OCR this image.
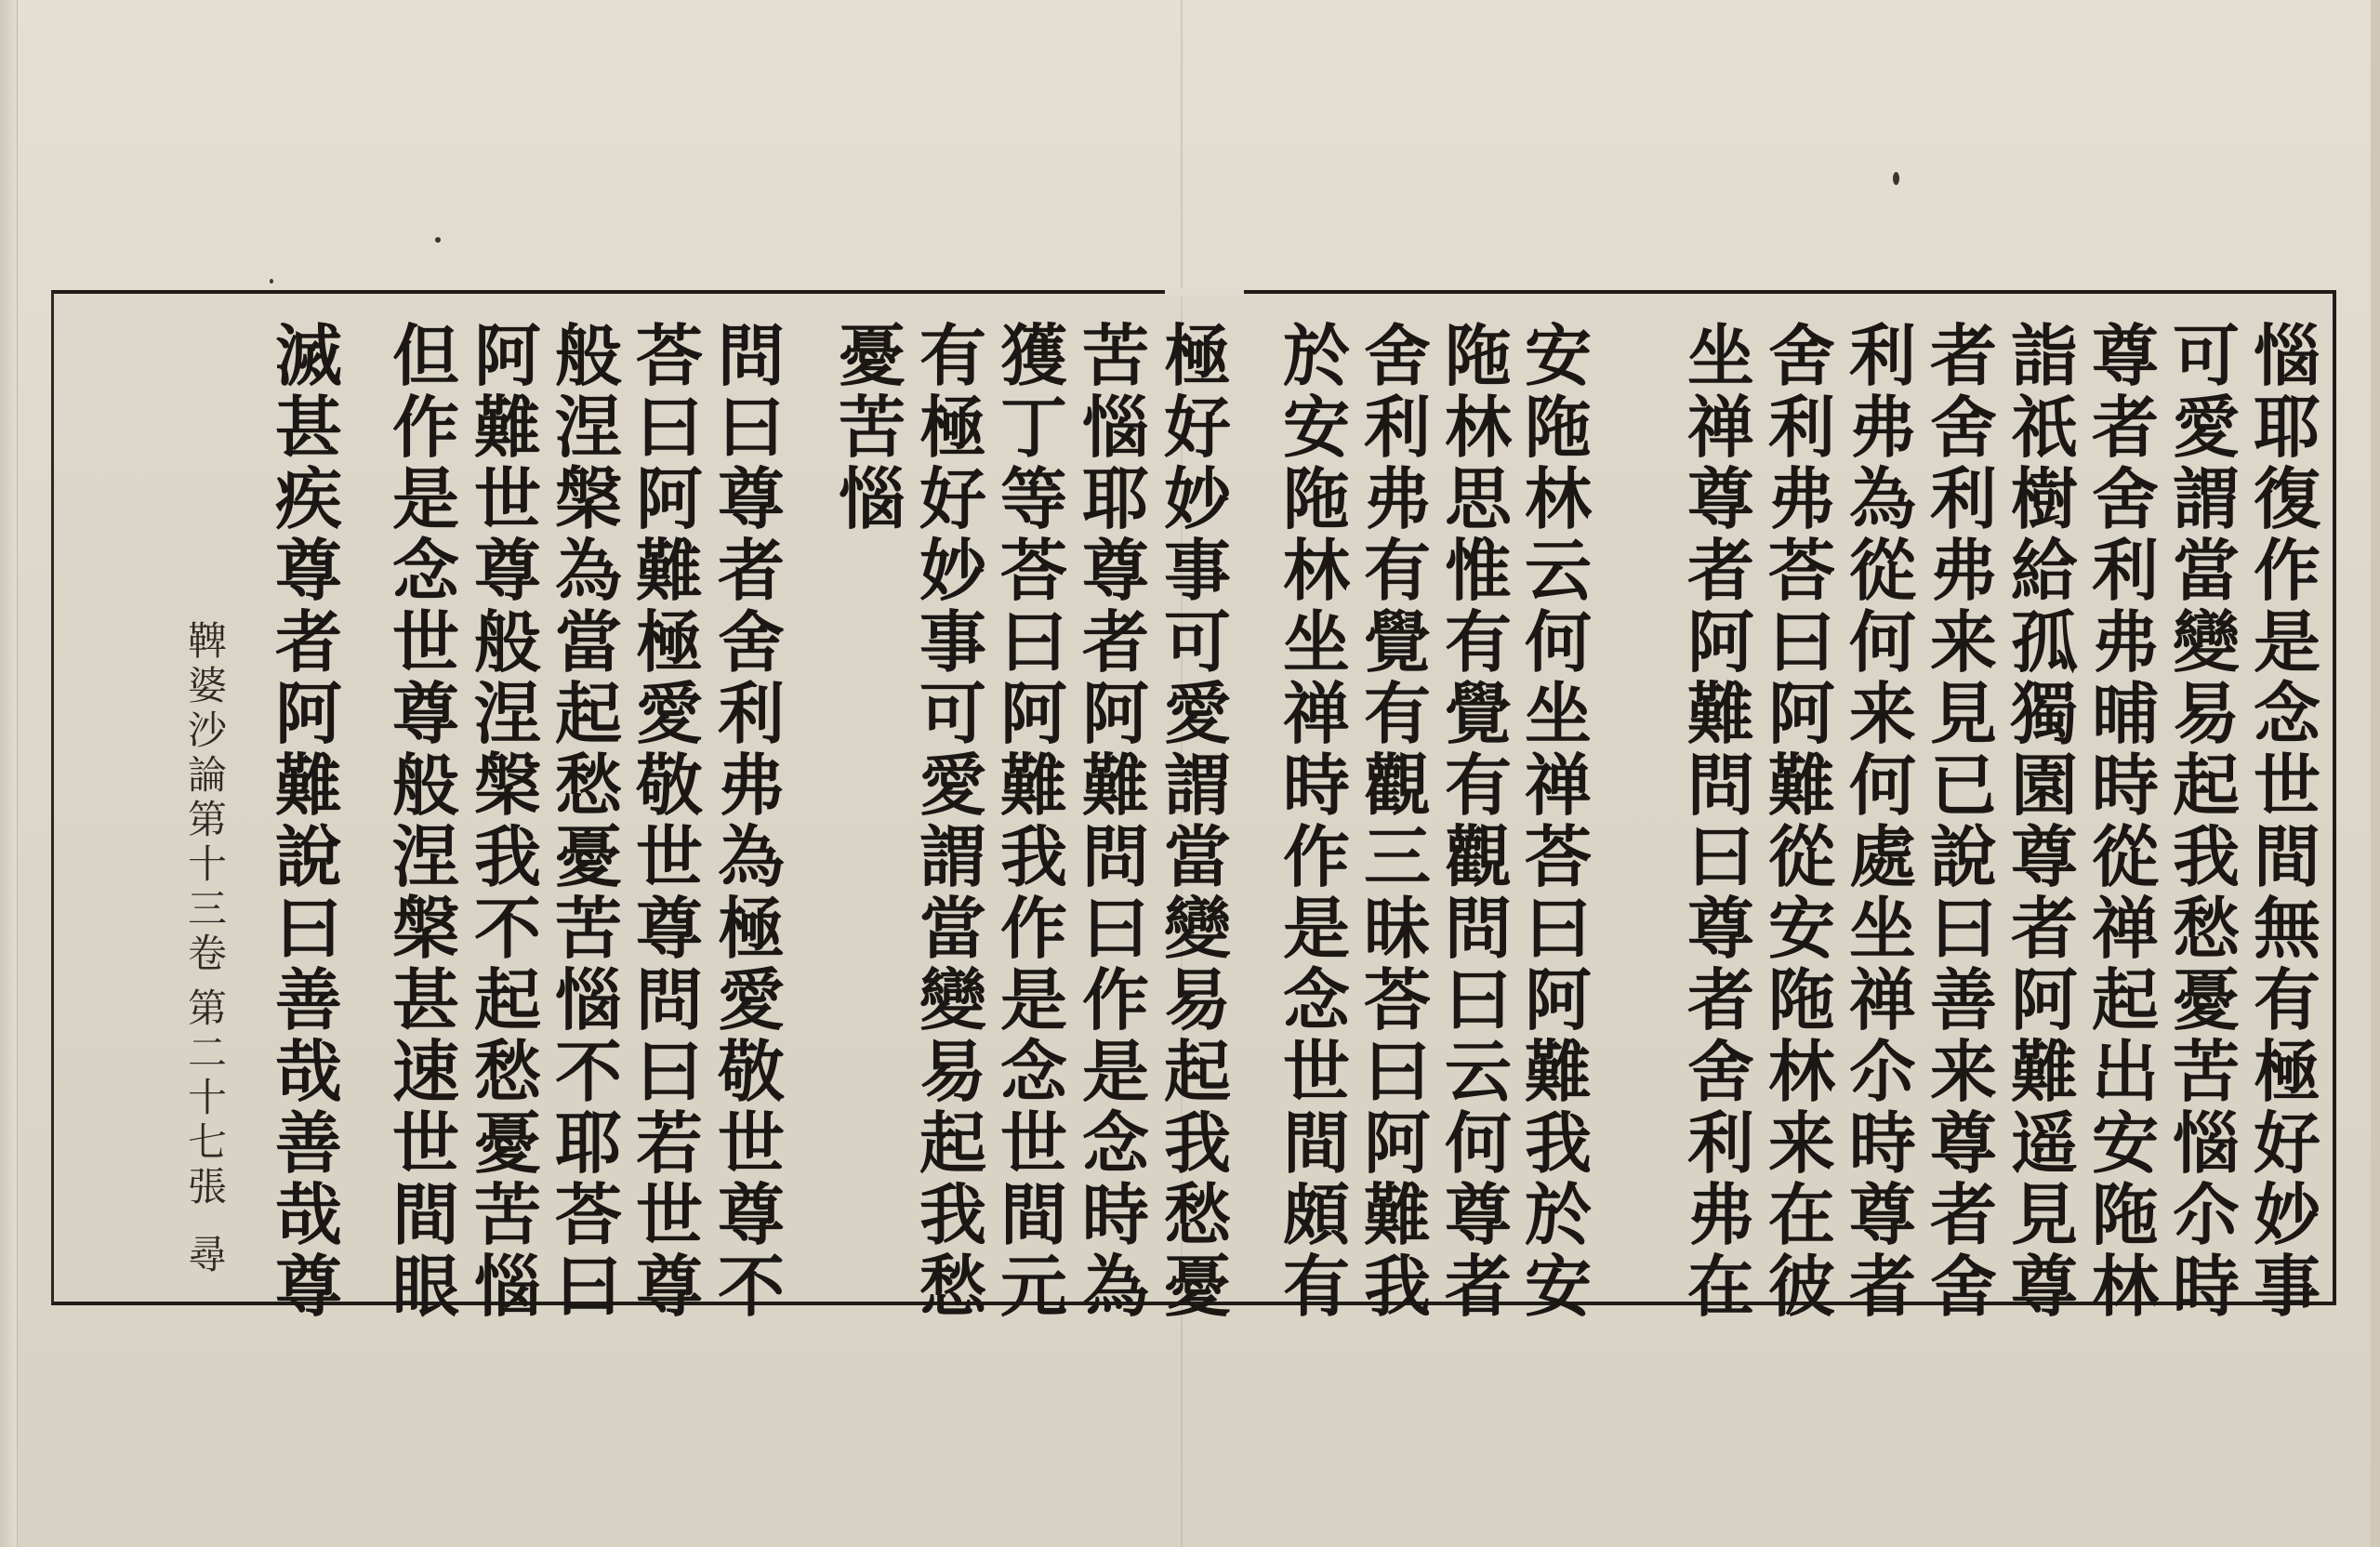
惱耶復作是念世間無有極好妙事
可愛謂當變易起我愁憂苦惱尒時
尊者舍利弗晡時從禅起出安陁林
詣祇樹給孤獨園尊者阿難遥見尊
者舍利弗来見已說曰善来尊者舍
利弗為從何来何處坐禅尒時尊者
舍利弗荅曰阿難從安陁林来在彼
坐禅尊者阿難問曰尊者舍利弗在
安陁林云何坐禅荅曰阿難我於安
陁林思惟有覺有觀問曰云何尊者
舍利弗有覺有觀三昧荅曰阿難我
於安陁林坐禅時作是念世間頗有
極好妙事可愛謂當變易起我愁憂
苦惱耶尊者阿難問曰作是念時為
獲丁等荅曰阿難我作是念世間元
有極好妙事可愛謂當變易起我愁
憂苦惱
問曰尊者舍利弗為極愛敬世尊不
荅曰阿難極愛敬世尊問曰若世尊
般涅槃為當起愁憂苦惱不耶荅曰
阿難世尊般涅槃我不起愁憂苦惱
但作是念世尊般涅槃甚速世間眼
滅甚疾尊者阿難說曰善哉善哉尊
鞞婆沙論第十三卷
第二十七張
尋
